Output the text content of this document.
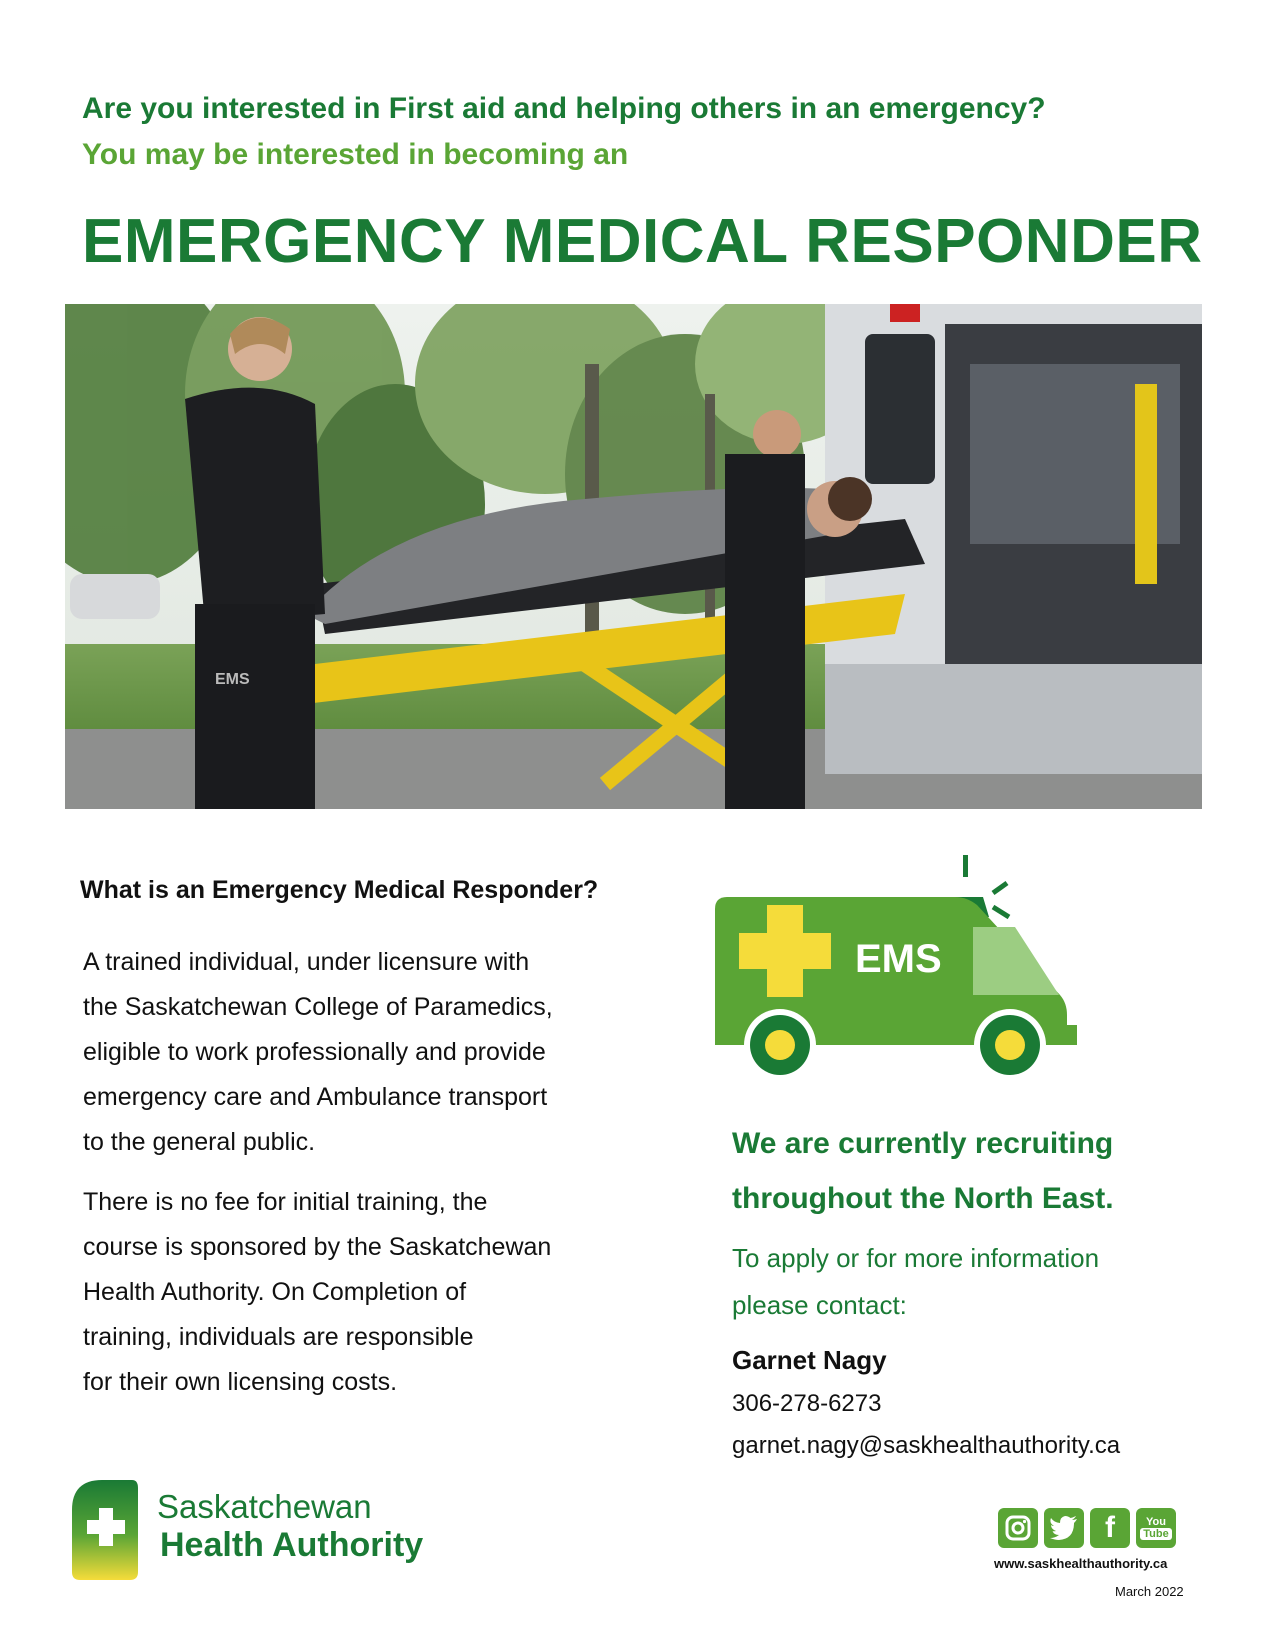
Are you interested in First aid and helping others in an emergency?
You may be interested in becoming an
EMERGENCY MEDICAL RESPONDER
EMS
What is an Emergency Medical Responder?
A trained individual, under licensure with
the Saskatchewan College of Paramedics,
eligible to work professionally and provide
emergency care and Ambulance transport
to the general public.
There is no fee for initial training, the
course is sponsored by the Saskatchewan
Health Authority. On Completion of
training, individuals are responsible
for their own licensing costs.
EMS
We are currently recruiting
throughout the North East.
To apply or for more information
please contact:
Garnet Nagy
306-278-6273
garnet.nagy@saskhealthauthority.ca
Saskatchewan
Health Authority	f	You
Tube
www.saskhealthauthority.ca
March 2022
